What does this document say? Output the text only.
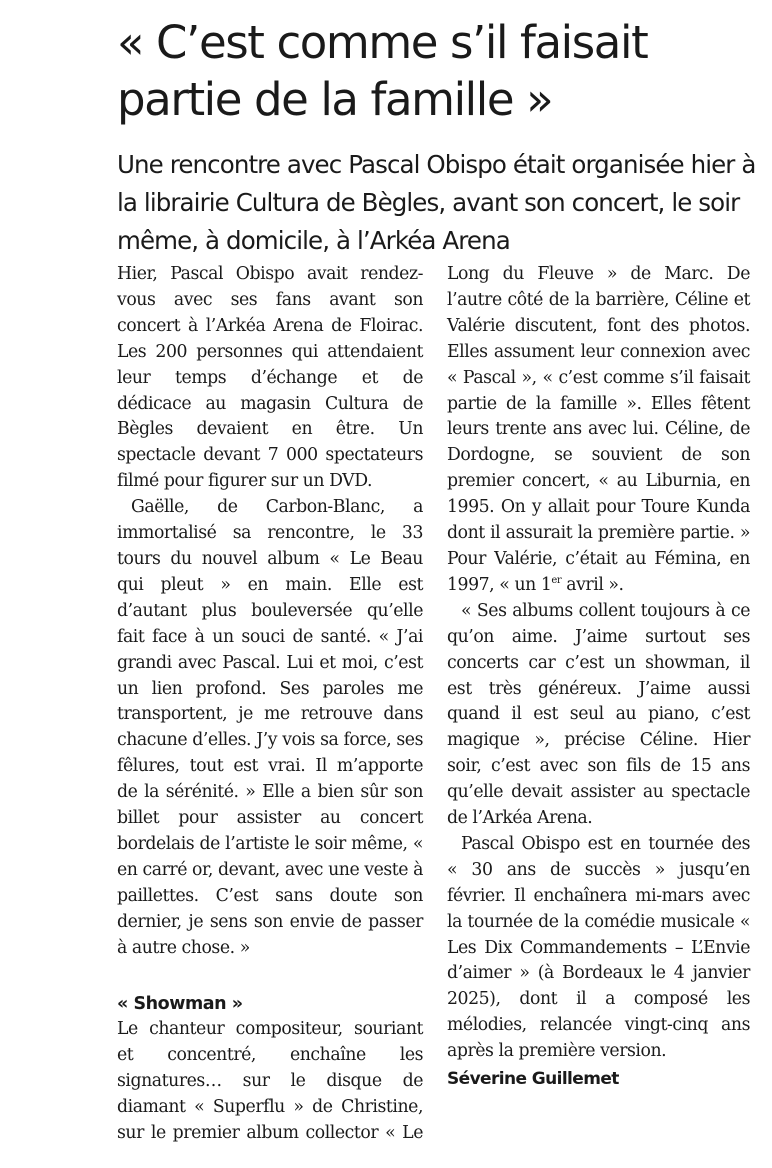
« C’est comme s’il faisait partie de la famille »
Une rencontre avec Pascal Obispo était organisée hier à la librairie Cultura de Bègles, avant son concert, le soir même, à domicile, à l’Arkéa Arena

Hier, Pascal Obispo avait rendez-vous avec ses fans avant son concert à l’Arkéa Arena de Floirac. Les 200 personnes qui attendaient leur temps d’échange et de dédicace au magasin Cultura de Bègles devaient en être. Un spectacle devant 7 000 spectateurs filmé pour figurer sur un DVD.

Gaëlle, de Carbon-Blanc, a immortalisé sa rencontre, le 33 tours du nouvel album « Le Beau qui pleut » en main. Elle est d’autant plus bouleversée qu’elle fait face à un souci de santé. « J’ai grandi avec Pascal. Lui et moi, c’est un lien profond. Ses paroles me transportent, je me retrouve dans chacune d’elles. J’y vois sa force, ses fêlures, tout est vrai. Il m’apporte de la sérénité. » Elle a bien sûr son billet pour assister au concert bordelais de l’artiste le soir même, « en carré or, devant, avec une veste à paillettes. C’est sans doute son dernier, je sens son envie de passer à autre chose. »

« Showman »

Le chanteur compositeur, souriant et concentré, enchaîne les signatures… sur le disque de diamant « Superflu » de Christine, sur le premier album collector « Le

Long du Fleuve » de Marc. De l’autre côté de la barrière, Céline et Valérie discutent, font des photos. Elles assument leur connexion avec « Pascal », « c’est comme s’il faisait partie de la famille ». Elles fêtent leurs trente ans avec lui. Céline, de Dordogne, se souvient de son premier concert, « au Liburnia, en 1995. On y allait pour Toure Kunda dont il assurait la première partie. » Pour Valérie, c’était au Fémina, en 1997, « un 1er avril ».

« Ses albums collent toujours à ce qu’on aime. J’aime surtout ses concerts car c’est un showman, il est très généreux. J’aime aussi quand il est seul au piano, c’est magique », précise Céline. Hier soir, c’est avec son fils de 15 ans qu’elle devait assister au spectacle de l’Arkéa Arena.

Pascal Obispo est en tournée des « 30 ans de succès » jusqu’en février. Il enchaînera mi-mars avec la tournée de la comédie musicale « Les Dix Commandements – L’Envie d’aimer » (à Bordeaux le 4 janvier 2025), dont il a composé les mélodies, relancée vingt-cinq ans après la première version.

Séverine Guillemet
